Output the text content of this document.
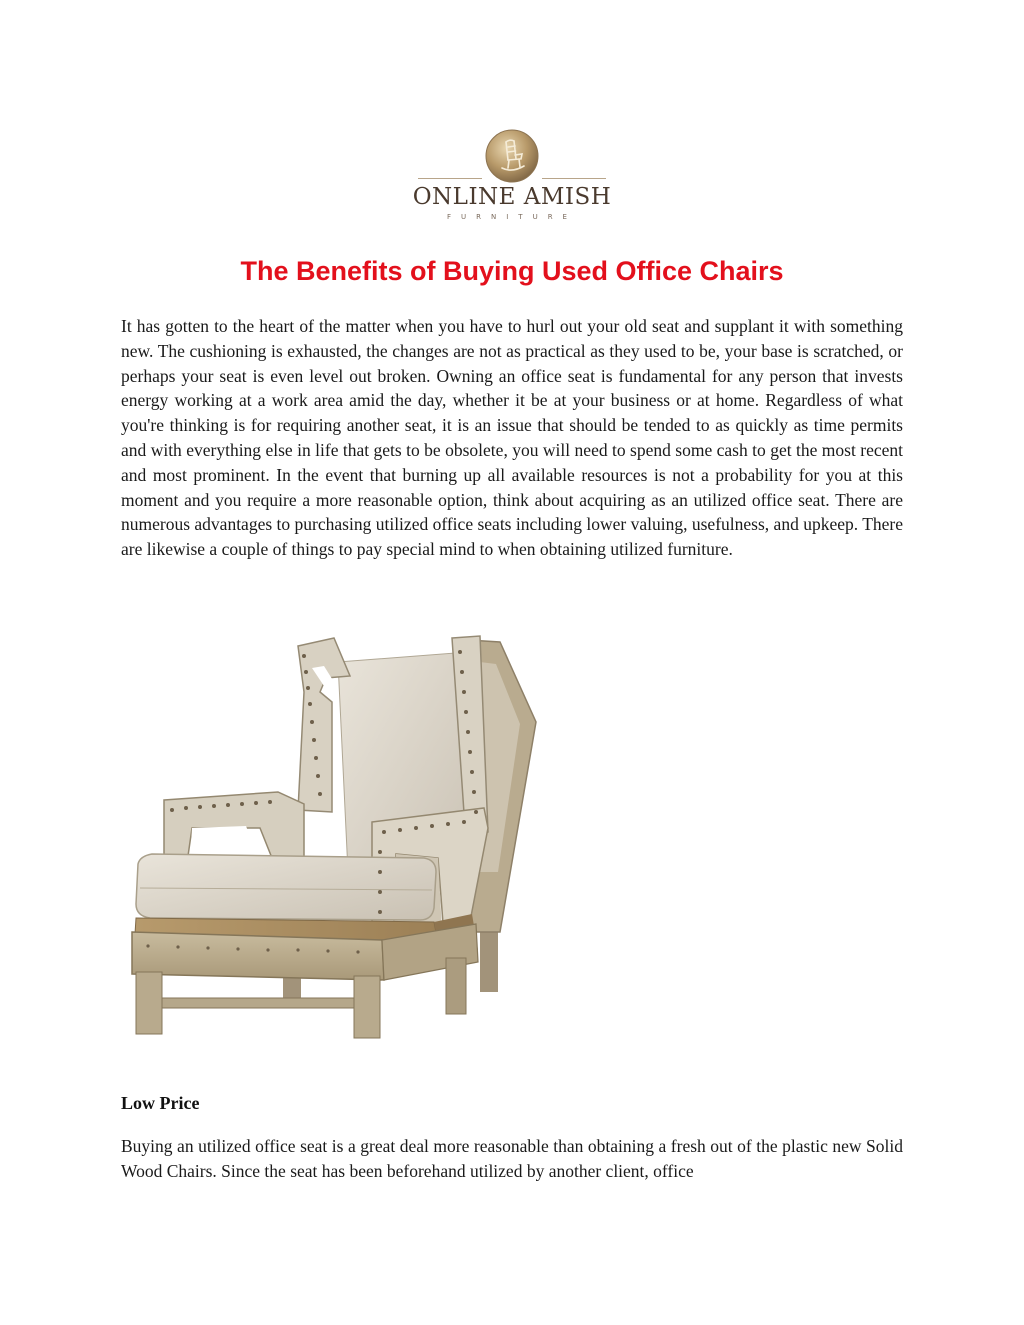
ONLINE AMISH
FURNITURE
The Benefits of Buying Used Office Chairs

It has gotten to the heart of the matter when you have to hurl out your old seat and supplant it with something new. The cushioning is exhausted, the changes are not as practical as they used to be, your base is scratched, or perhaps your seat is even level out broken. Owning an office seat is fundamental for any person that invests energy working at a work area amid the day, whether it be at your business or at home. Regardless of what you're thinking is for requiring another seat, it is an issue that should be tended to as quickly as time permits and with everything else in life that gets to be obsolete, you will need to spend some cash to get the most recent and most prominent. In the event that burning up all available resources is not a probability for you at this moment and you require a more reasonable option, think about acquiring as an utilized office seat. There are numerous advantages to purchasing utilized office seats including lower valuing, usefulness, and upkeep. There are likewise a couple of things to pay special mind to when obtaining utilized furniture.

Low Price

Buying an utilized office seat is a great deal more reasonable than obtaining a fresh out of the plastic new Solid Wood Chairs. Since the seat has been beforehand utilized by another client, office
